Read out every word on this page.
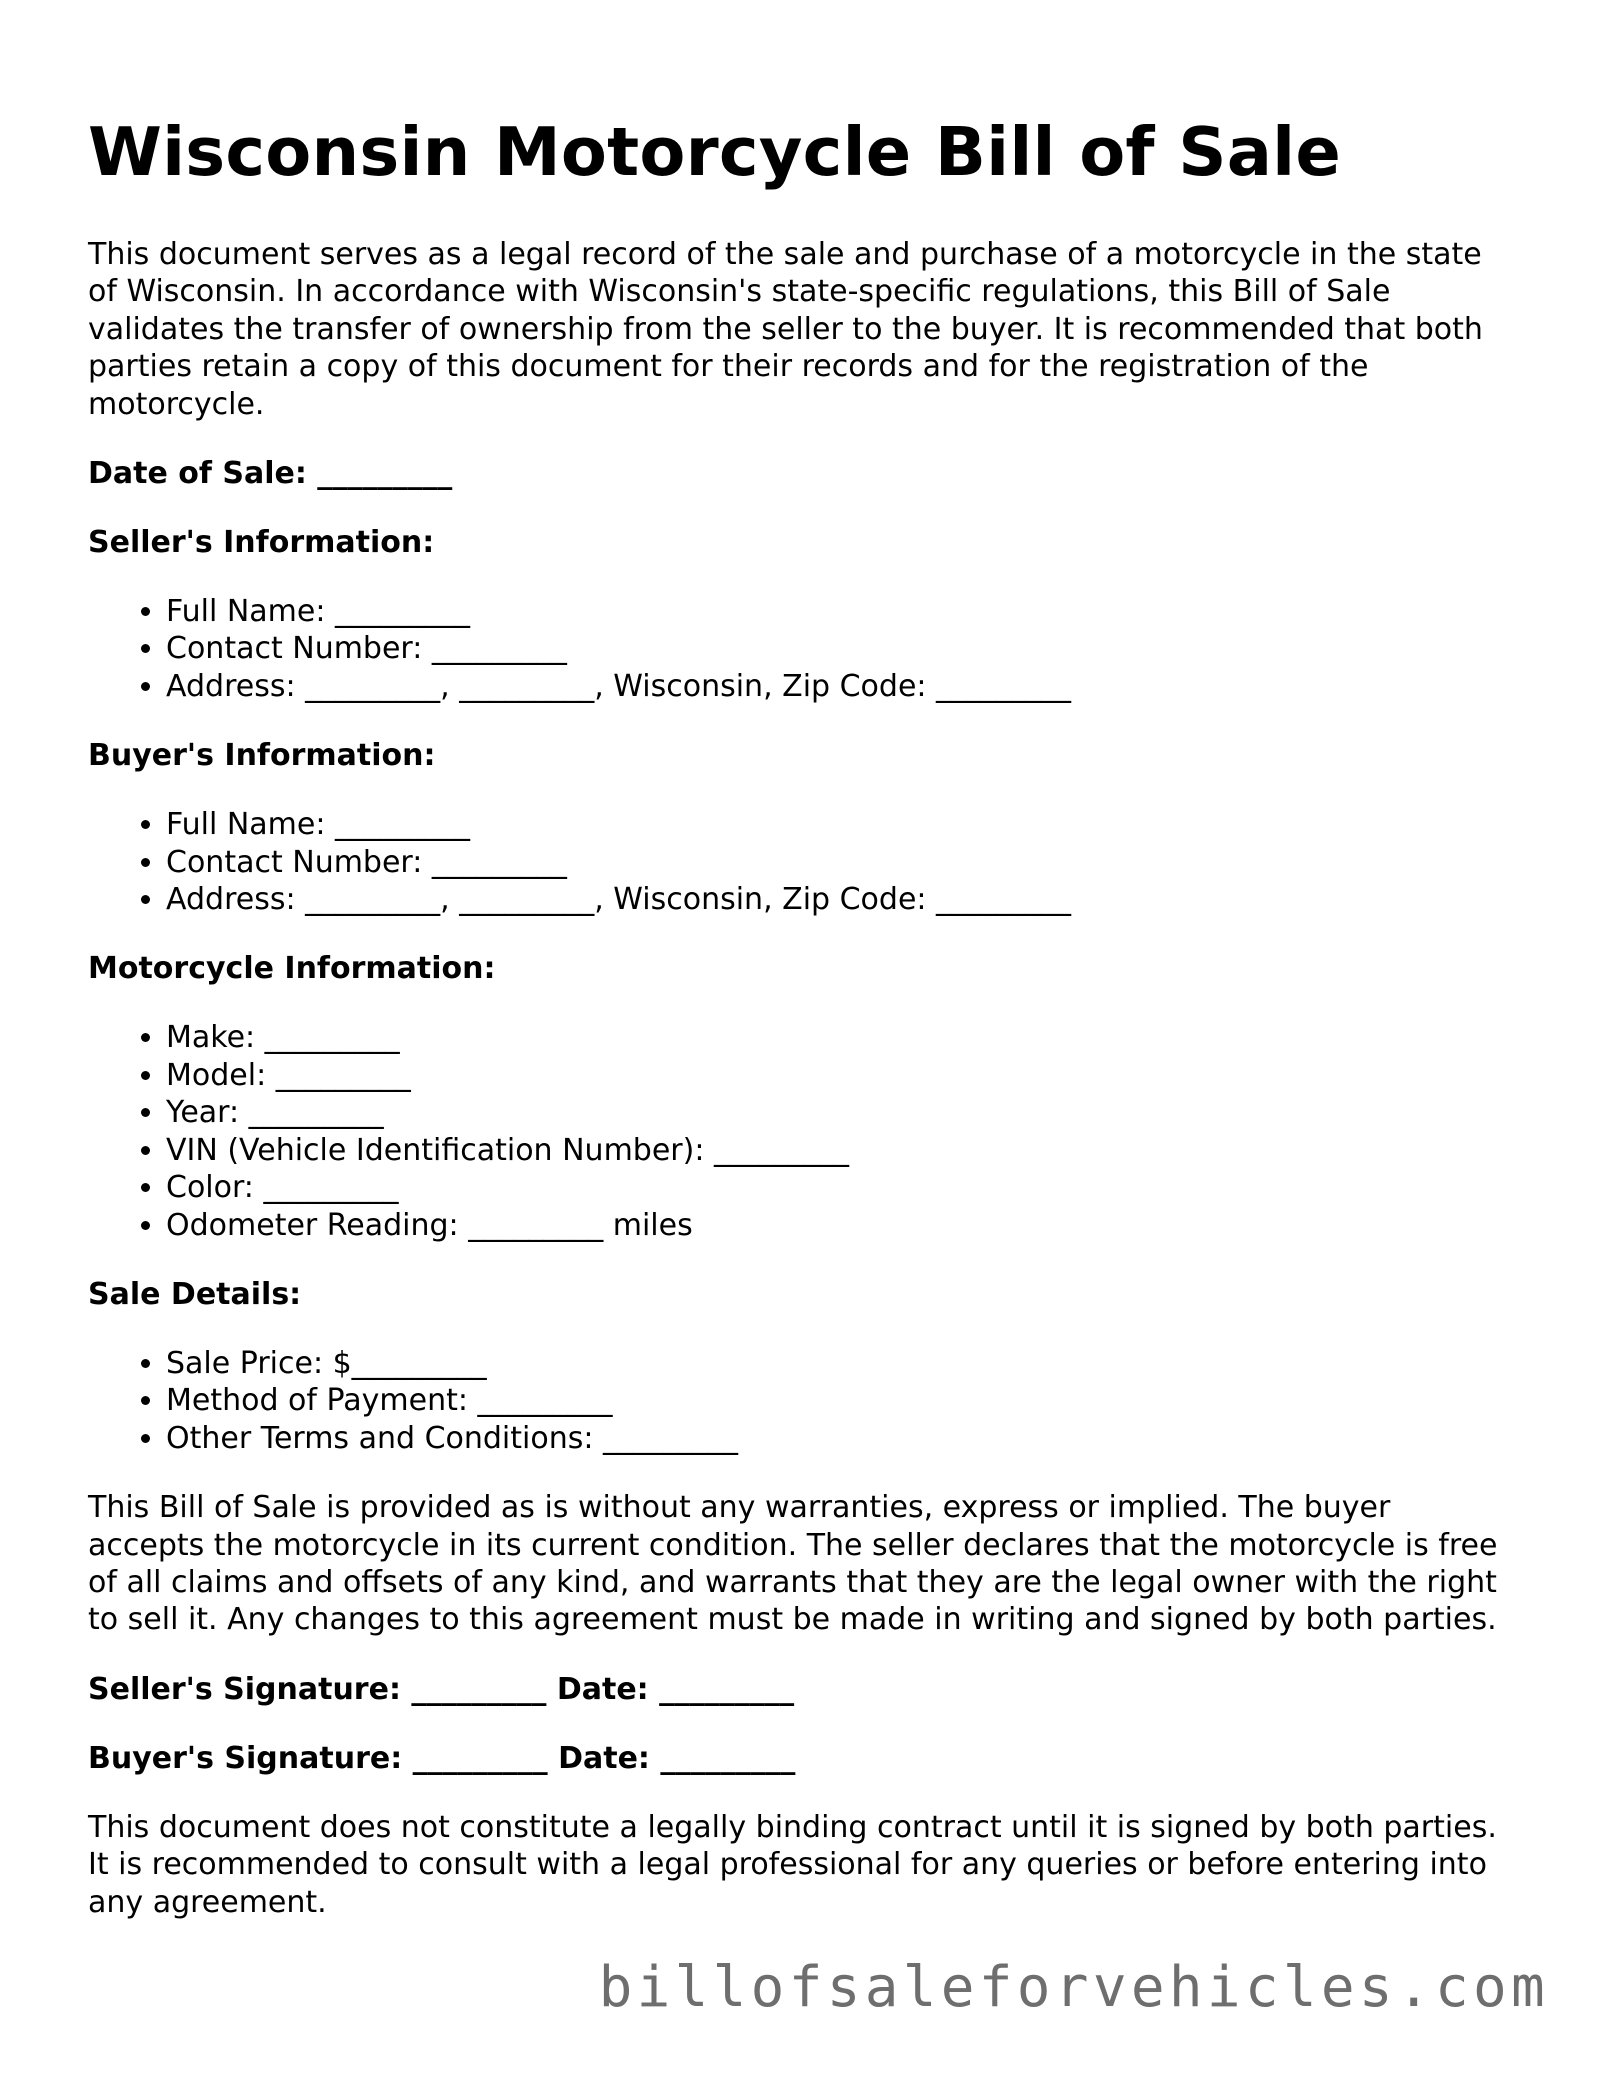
Wisconsin Motorcycle Bill of Sale

This document serves as a legal record of the sale and purchase of a motorcycle in the state of Wisconsin. In accordance with Wisconsin's state-specific regulations, this Bill of Sale validates the transfer of ownership from the seller to the buyer. It is recommended that both parties retain a copy of this document for their records and for the registration of the motorcycle.

Date of Sale: _________

Seller's Information:

• Full Name: _________
• Contact Number: _________
• Address: _________, _________, Wisconsin, Zip Code: _________

Buyer's Information:

• Full Name: _________
• Contact Number: _________
• Address: _________, _________, Wisconsin, Zip Code: _________

Motorcycle Information:

• Make: _________
• Model: _________
• Year: _________
• VIN (Vehicle Identification Number): _________
• Color: _________
• Odometer Reading: _________ miles

Sale Details:

• Sale Price: $_________
• Method of Payment: _________
• Other Terms and Conditions: _________

This Bill of Sale is provided as is without any warranties, express or implied. The buyer accepts the motorcycle in its current condition. The seller declares that the motorcycle is free of all claims and offsets of any kind, and warrants that they are the legal owner with the right to sell it. Any changes to this agreement must be made in writing and signed by both parties.

Seller's Signature: _________ Date: _________

Buyer's Signature: _________ Date: _________

This document does not constitute a legally binding contract until it is signed by both parties. It is recommended to consult with a legal professional for any queries or before entering into any agreement.

billofsaleforvehicles.com
